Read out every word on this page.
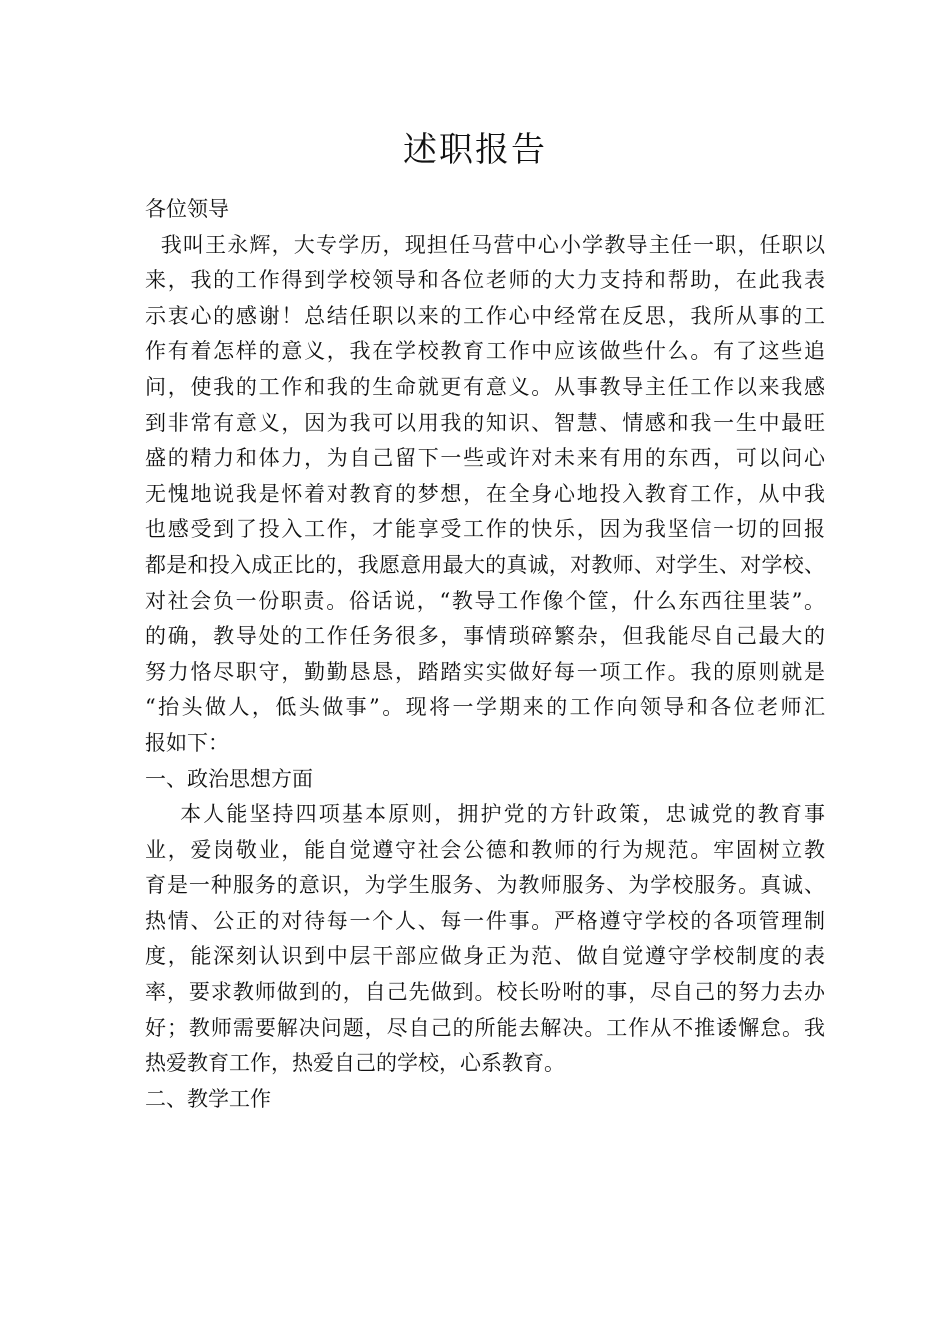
述职报告
各位领导
我叫王永辉，大专学历，现担任马营中心小学教导主任一职，任职以
来，我的工作得到学校领导和各位老师的大力支持和帮助，在此我表
示衷心的感谢！总结任职以来的工作心中经常在反思，我所从事的工
作有着怎样的意义，我在学校教育工作中应该做些什么。有了这些追
问，使我的工作和我的生命就更有意义。从事教导主任工作以来我感
到非常有意义，因为我可以用我的知识、智慧、情感和我一生中最旺
盛的精力和体力，为自己留下一些或许对未来有用的东西，可以问心
无愧地说我是怀着对教育的梦想，在全身心地投入教育工作，从中我
也感受到了投入工作，才能享受工作的快乐，因为我坚信一切的回报
都是和投入成正比的，我愿意用最大的真诚，对教师、对学生、对学校、
对社会负一份职责。俗话说，“教导工作像个筐，什么东西往里装”。
的确，教导处的工作任务很多，事情琐碎繁杂，但我能尽自己最大的
努力恪尽职守，勤勤恳恳，踏踏实实做好每一项工作。我的原则就是
“抬头做人，低头做事”。现将一学期来的工作向领导和各位老师汇
报如下：
一、政治思想方面
本人能坚持四项基本原则，拥护党的方针政策，忠诚党的教育事
业，爱岗敬业，能自觉遵守社会公德和教师的行为规范。牢固树立教
育是一种服务的意识，为学生服务、为教师服务、为学校服务。真诚、
热情、公正的对待每一个人、每一件事。严格遵守学校的各项管理制
度，能深刻认识到中层干部应做身正为范、做自觉遵守学校制度的表
率，要求教师做到的，自己先做到。校长吩咐的事，尽自己的努力去办
好；教师需要解决问题，尽自己的所能去解决。工作从不推诿懈怠。我
热爱教育工作，热爱自己的学校，心系教育。
二、教学工作
